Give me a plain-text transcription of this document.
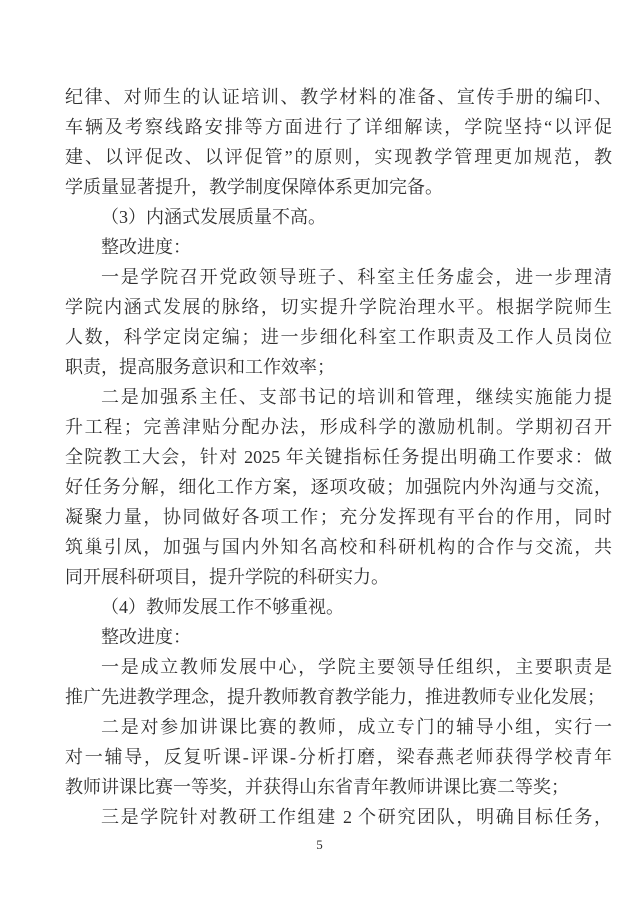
纪律、对师生的认证培训、教学材料的准备、宣传手册的编印、
车辆及考察线路安排等方面进行了详细解读，学院坚持“以评促
建、以评促改、以评促管”的原则，实现教学管理更加规范，教
学质量显著提升，教学制度保障体系更加完备。
（3）内涵式发展质量不高。
整改进度：
一是学院召开党政领导班子、科室主任务虚会，进一步理清
学院内涵式发展的脉络，切实提升学院治理水平。根据学院师生
人数，科学定岗定编；进一步细化科室工作职责及工作人员岗位
职责，提高服务意识和工作效率；
二是加强系主任、支部书记的培训和管理，继续实施能力提
升工程；完善津贴分配办法，形成科学的激励机制。学期初召开
全院教工大会，针对 2025 年关键指标任务提出明确工作要求：做
好任务分解，细化工作方案，逐项攻破；加强院内外沟通与交流，
凝聚力量，协同做好各项工作；充分发挥现有平台的作用，同时
筑巢引凤，加强与国内外知名高校和科研机构的合作与交流，共
同开展科研项目，提升学院的科研实力。
（4）教师发展工作不够重视。
整改进度：
一是成立教师发展中心，学院主要领导任组织，主要职责是
推广先进教学理念，提升教师教育教学能力，推进教师专业化发展；
二是对参加讲课比赛的教师，成立专门的辅导小组，实行一
对一辅导，反复听课-评课-分析打磨，梁春燕老师获得学校青年
教师讲课比赛一等奖，并获得山东省青年教师讲课比赛二等奖；
三是学院针对教研工作组建 2 个研究团队，明确目标任务，
5
